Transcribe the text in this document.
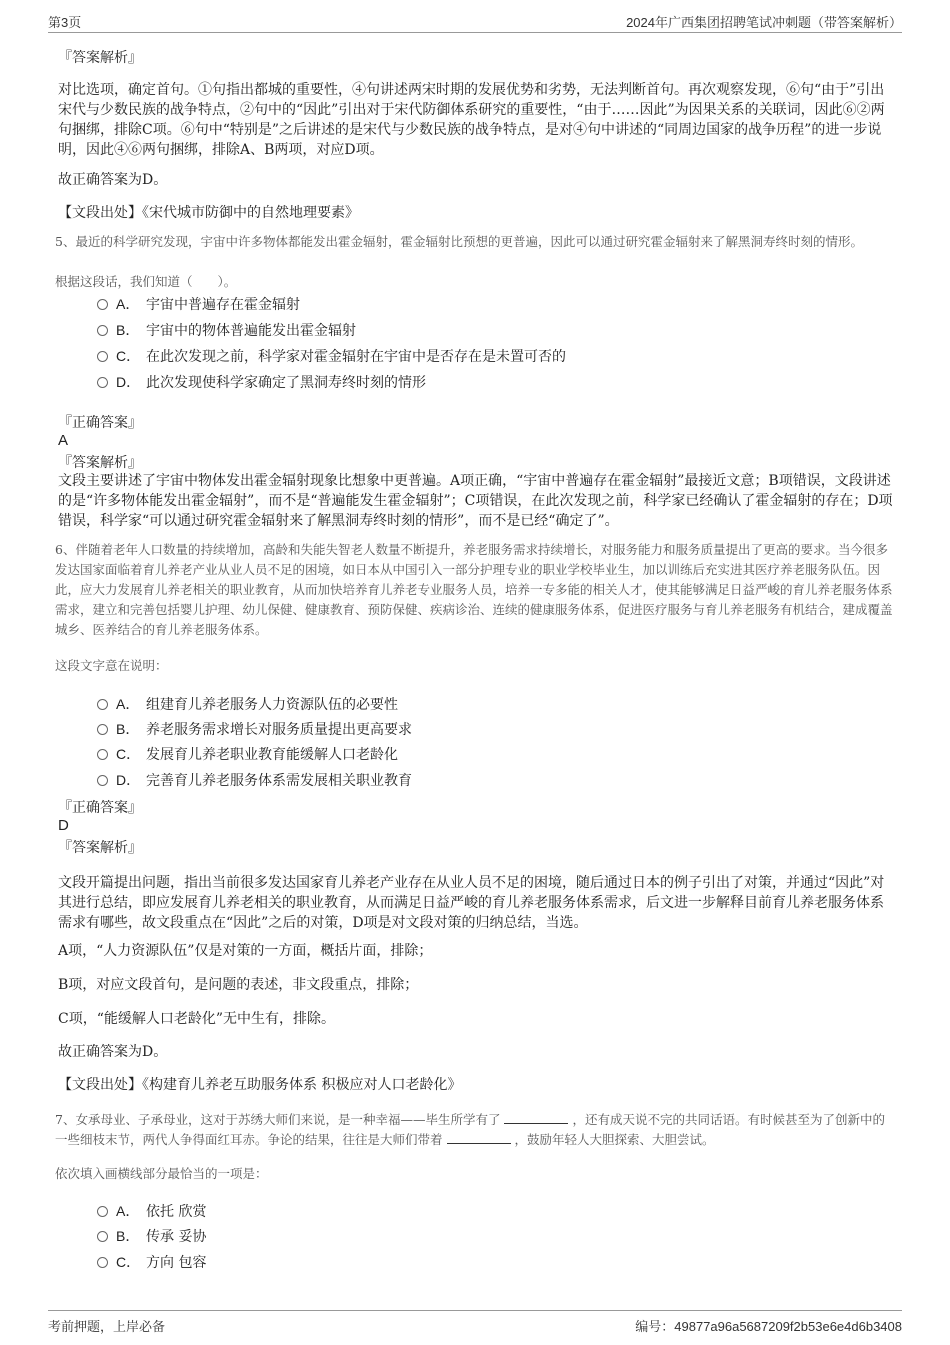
第3页	2024年广西集团招聘笔试冲刺题（带答案解析）
『答案解析』
对比选项，确定首句。①句指出都城的重要性，④句讲述两宋时期的发展优势和劣势，无法判断首句。再次观察发现，⑥句“由于”引出宋代与少数民族的战争特点，②句中的“因此”引出对于宋代防御体系研究的重要性，“由于……因此”为因果关系的关联词，因此⑥②两句捆绑，排除C项。⑥句中“特别是”之后讲述的是宋代与少数民族的战争特点，是对④句中讲述的“同周边国家的战争历程”的进一步说明，因此④⑥两句捆绑，排除A、B两项，对应D项。
故正确答案为D。
【文段出处】《宋代城市防御中的自然地理要素》
5、最近的科学研究发现，宇宙中许多物体都能发出霍金辐射，霍金辐射比预想的更普遍，因此可以通过研究霍金辐射来了解黑洞寿终时刻的情形。
根据这段话，我们知道（　　）。
A． 宇宙中普遍存在霍金辐射
B． 宇宙中的物体普遍能发出霍金辐射
C． 在此次发现之前，科学家对霍金辐射在宇宙中是否存在是未置可否的
D． 此次发现使科学家确定了黑洞寿终时刻的情形
『正确答案』
A
『答案解析』
文段主要讲述了宇宙中物体发出霍金辐射现象比想象中更普遍。A项正确，“宇宙中普遍存在霍金辐射”最接近文意；B项错误，文段讲述的是“许多物体能发出霍金辐射”，而不是“普遍能发生霍金辐射”；C项错误，在此次发现之前，科学家已经确认了霍金辐射的存在；D项错误，科学家“可以通过研究霍金辐射来了解黑洞寿终时刻的情形”，而不是已经“确定了”。
6、伴随着老年人口数量的持续增加，高龄和失能失智老人数量不断提升，养老服务需求持续增长，对服务能力和服务质量提出了更高的要求。当今很多发达国家面临着育儿养老产业从业人员不足的困境，如日本从中国引入一部分护理专业的职业学校毕业生，加以训练后充实进其医疗养老服务队伍。因此，应大力发展育儿养老相关的职业教育，从而加快培养育儿养老专业服务人员，培养一专多能的相关人才，使其能够满足日益严峻的育儿养老服务体系需求，建立和完善包括婴儿护理、幼儿保健、健康教育、预防保健、疾病诊治、连续的健康服务体系，促进医疗服务与育儿养老服务有机结合，建成覆盖城乡、医养结合的育儿养老服务体系。
这段文字意在说明：
A． 组建育儿养老服务人力资源队伍的必要性
B． 养老服务需求增长对服务质量提出更高要求
C． 发展育儿养老职业教育能缓解人口老龄化
D． 完善育儿养老服务体系需发展相关职业教育
『正确答案』
D
『答案解析』
文段开篇提出问题，指出当前很多发达国家育儿养老产业存在从业人员不足的困境，随后通过日本的例子引出了对策，并通过“因此”对其进行总结，即应发展育儿养老相关的职业教育，从而满足日益严峻的育儿养老服务体系需求，后文进一步解释目前育儿养老服务体系需求有哪些，故文段重点在“因此”之后的对策，D项是对文段对策的归纳总结，当选。
A项，“人力资源队伍”仅是对策的一方面，概括片面，排除；
B项，对应文段首句，是问题的表述，非文段重点，排除；
C项，“能缓解人口老龄化”无中生有，排除。
故正确答案为D。
【文段出处】《构建育儿养老互助服务体系 积极应对人口老龄化》
7、女承母业、子承母业，这对于苏绣大师们来说，是一种幸福——毕生所学有了	，还有成天说不完的共同话语。有时候甚至为了创新中的一些细枝末节，两代人争得面红耳赤。争论的结果，往往是大师们带着	，鼓励年轻人大胆探索、大胆尝试。
依次填入画横线部分最恰当的一项是：
A． 依托 欣赏
B． 传承 妥协
C． 方向 包容
考前押题，上岸必备	编号：49877a96a5687209f2b53e6e4d6b3408
